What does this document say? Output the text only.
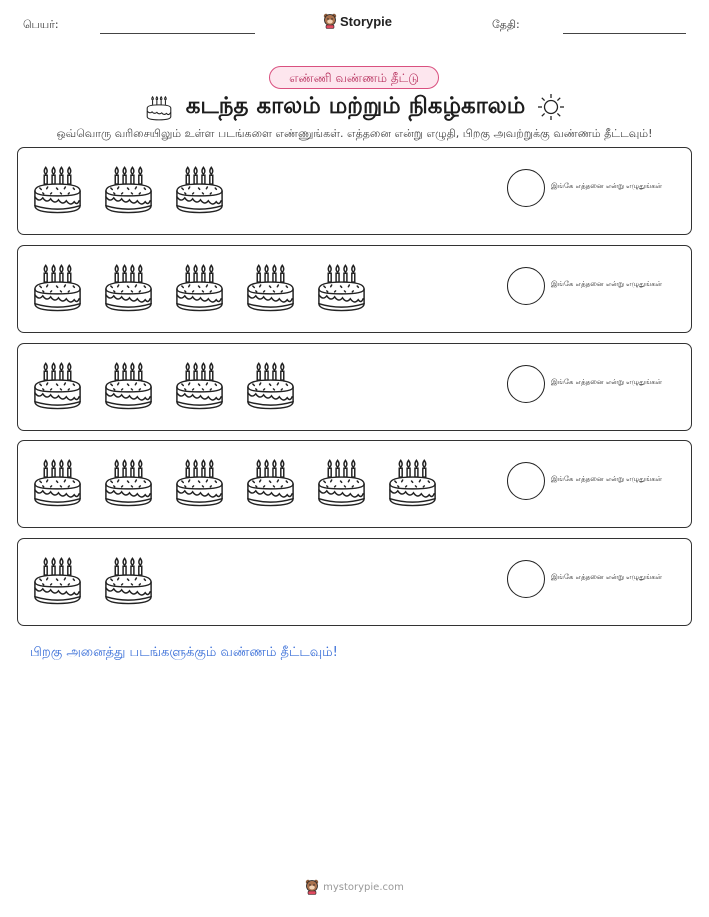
பெயர்:	Storypie	தேதி:
எண்ணி வண்ணம் தீட்டு
கடந்த காலம் மற்றும் நிகழ்காலம்
ஒவ்வொரு வரிசையிலும் உள்ள படங்களை எண்ணுங்கள். எத்தனை என்று எழுதி, பிறகு அவற்றுக்கு வண்ணம் தீட்டவும்!
இங்கே எத்தனை என்று எழுதுங்கள்
இங்கே எத்தனை என்று எழுதுங்கள்
இங்கே எத்தனை என்று எழுதுங்கள்
இங்கே எத்தனை என்று எழுதுங்கள்
இங்கே எத்தனை என்று எழுதுங்கள்
பிறகு அனைத்து படங்களுக்கும் வண்ணம் தீட்டவும்!
mystorypie.com
